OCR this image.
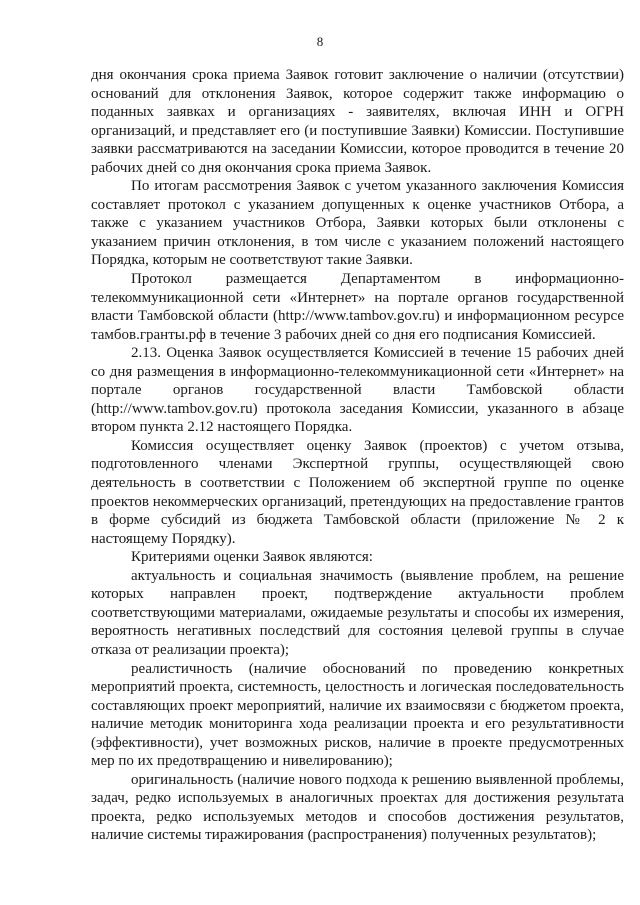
8

дня окончания срока приема Заявок готовит заключение о наличии (отсутствии) оснований для отклонения Заявок, которое содержит также информацию о поданных заявках и организациях - заявителях, включая ИНН и ОГРН организаций, и представляет его (и поступившие Заявки) Комиссии. Поступившие заявки рассматриваются на заседании Комиссии, которое проводится в течение 20 рабочих дней со дня окончания срока приема Заявок.

По итогам рассмотрения Заявок с учетом указанного заключения Комиссия составляет протокол с указанием допущенных к оценке участников Отбора, а также с указанием участников Отбора, Заявки которых были отклонены с указанием причин отклонения, в том числе с указанием положений настоящего Порядка, которым не соответствуют такие Заявки.

Протокол размещается Департаментом в информационно-телекоммуникационной сети «Интернет» на портале органов государственной власти Тамбовской области (http://www.tambov.gov.ru) и информационном ресурсе тамбов.гранты.рф в течение 3 рабочих дней со дня его подписания Комиссией.

2.13. Оценка Заявок осуществляется Комиссией в течение 15 рабочих дней со дня размещения в информационно-телекоммуникационной сети «Интернет» на портале органов государственной власти Тамбовской области (http://www.tambov.gov.ru) протокола заседания Комиссии, указанного в абзаце втором пункта 2.12 настоящего Порядка.

Комиссия осуществляет оценку Заявок (проектов) с учетом отзыва, подготовленного членами Экспертной группы, осуществляющей свою деятельность в соответствии с Положением об экспертной группе по оценке проектов некоммерческих организаций, претендующих на предоставление грантов в форме субсидий из бюджета Тамбовской области (приложение № 2 к настоящему Порядку).

Критериями оценки Заявок являются:

актуальность и социальная значимость (выявление проблем, на решение которых направлен проект, подтверждение актуальности проблем соответствующими материалами, ожидаемые результаты и способы их измерения, вероятность негативных последствий для состояния целевой группы в случае отказа от реализации проекта);

реалистичность (наличие обоснований по проведению конкретных мероприятий проекта, системность, целостность и логическая последовательность составляющих проект мероприятий, наличие их взаимосвязи с бюджетом проекта, наличие методик мониторинга хода реализации проекта и его результативности (эффективности), учет возможных рисков, наличие в проекте предусмотренных мер по их предотвращению и нивелированию);

оригинальность (наличие нового подхода к решению выявленной проблемы, задач, редко используемых в аналогичных проектах для достижения результата проекта, редко используемых методов и способов достижения результатов, наличие системы тиражирования (распространения) полученных результатов);
